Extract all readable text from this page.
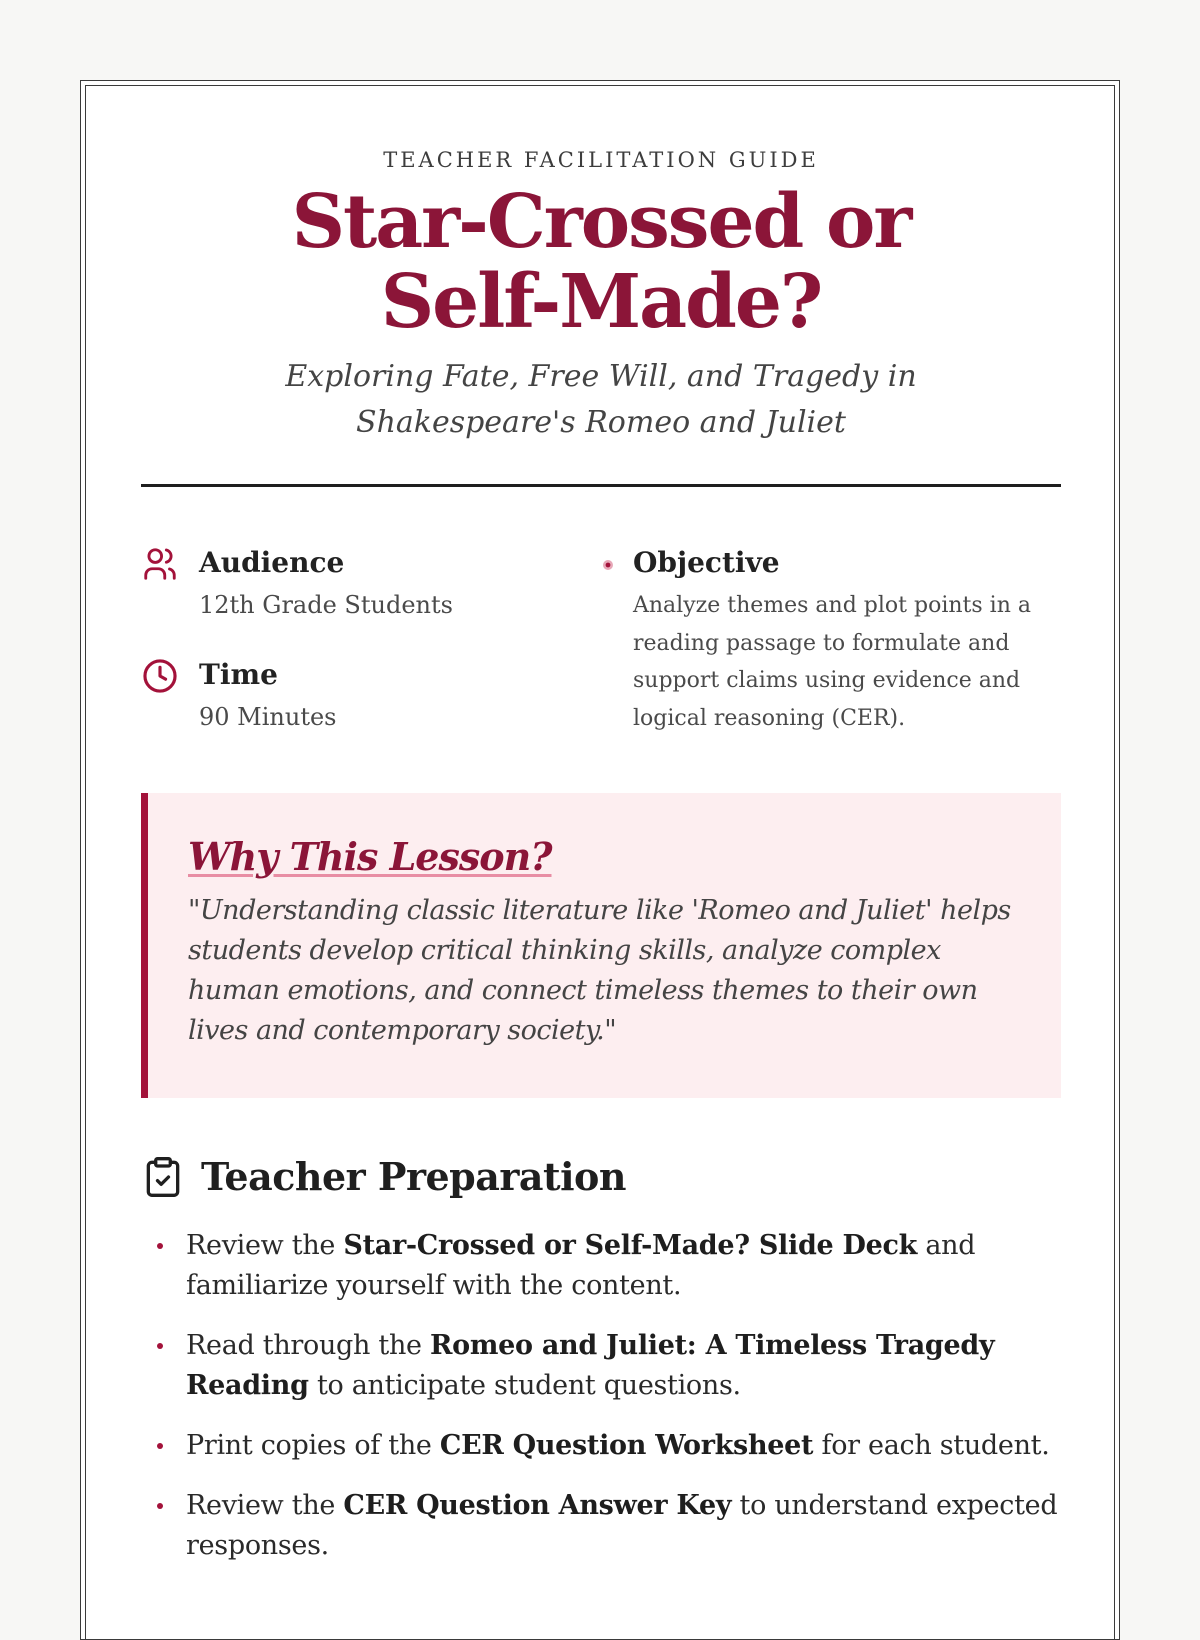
TEACHER FACILITATION GUIDE
Star-Crossed or Self-Made?
Exploring Fate, Free Will, and Tragedy in Shakespeare's Romeo and Juliet
Audience
12th Grade Students
Time
90 Minutes
Objective
Analyze themes and plot points in a reading passage to formulate and support claims using evidence and logical reasoning (CER).
Why This Lesson?
"Understanding classic literature like 'Romeo and Juliet' helps students develop critical thinking skills, analyze complex human emotions, and connect timeless themes to their own lives and contemporary society."
Teacher Preparation
Review the Star-Crossed or Self-Made? Slide Deck and familiarize yourself with the content.
Read through the Romeo and Juliet: A Timeless Tragedy Reading to anticipate student questions.
Print copies of the CER Question Worksheet for each student.
Review the CER Question Answer Key to understand expected responses.
